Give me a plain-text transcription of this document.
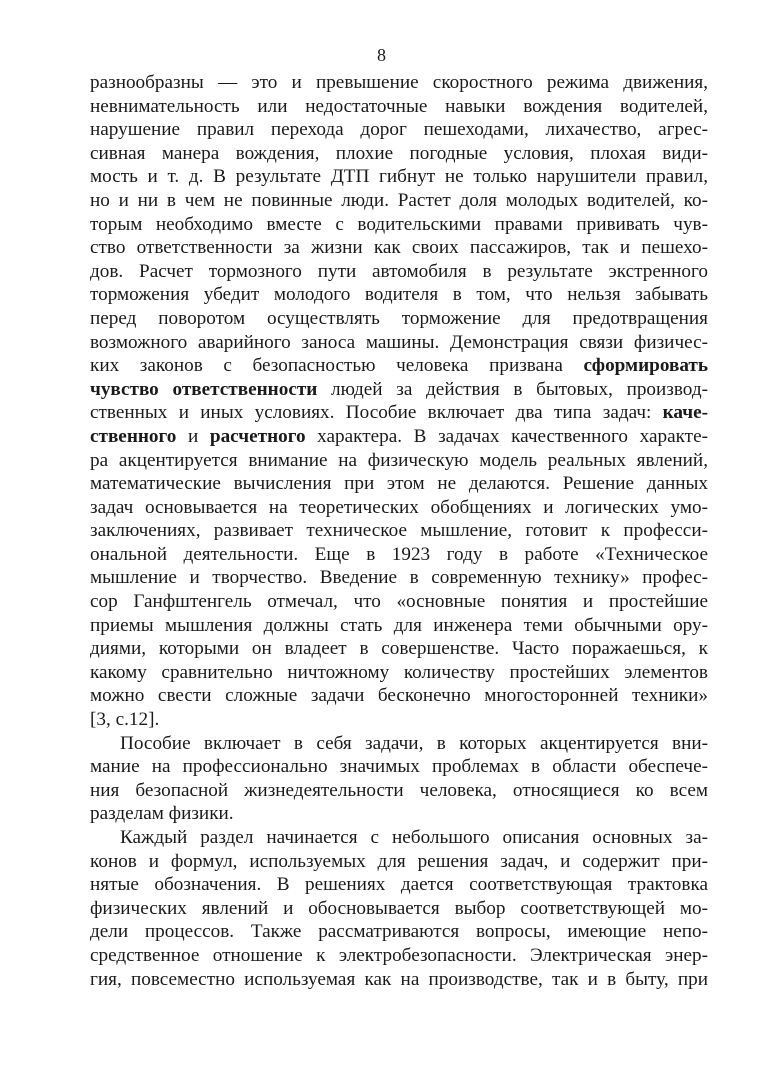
8
разнообразны — это и превышение скоростного режима движения,
невнимательность или недостаточные навыки вождения водителей,
нарушение правил перехода дорог пешеходами, лихачество, агрес-
сивная манера вождения, плохие погодные условия, плохая види-
мость и т. д. В результате ДТП гибнут не только нарушители правил,
но и ни в чем не повинные люди. Растет доля молодых водителей, ко-
торым необходимо вместе с водительскими правами прививать чув-
ство ответственности за жизни как своих пассажиров, так и пешехо-
дов. Расчет тормозного пути автомобиля в результате экстренного
торможения убедит молодого водителя в том, что нельзя забывать
перед поворотом осуществлять торможение для предотвращения
возможного аварийного заноса машины. Демонстрация связи физичес-
ких законов с безопасностью человека призвана сформировать
чувство ответственности людей за действия в бытовых, производ-
ственных и иных условиях. Пособие включает два типа задач: каче-
ственного и расчетного характера. В задачах качественного характе-
ра акцентируется внимание на физическую модель реальных явлений,
математические вычисления при этом не делаются. Решение данных
задач основывается на теоретических обобщениях и логических умо-
заключениях, развивает техническое мышление, готовит к професси-
ональной деятельности. Еще в 1923 году в работе «Техническое
мышление и творчество. Введение в современную технику» профес-
сор Ганфштенгель отмечал, что «основные понятия и простейшие
приемы мышления должны стать для инженера теми обычными ору-
диями, которыми он владеет в совершенстве. Часто поражаешься, к
какому сравнительно ничтожному количеству простейших элементов
можно свести сложные задачи бесконечно многосторонней техники»
[3, с.12].
Пособие включает в себя задачи, в которых акцентируется вни-
мание на профессионально значимых проблемах в области обеспече-
ния безопасной жизнедеятельности человека, относящиеся ко всем
разделам физики.
Каждый раздел начинается с небольшого описания основных за-
конов и формул, используемых для решения задач, и содержит при-
нятые обозначения. В решениях дается соответствующая трактовка
физических явлений и обосновывается выбор соответствующей мо-
дели процессов. Также рассматриваются вопросы, имеющие непо-
средственное отношение к электробезопасности. Электрическая энер-
гия, повсеместно используемая как на производстве, так и в быту, при
